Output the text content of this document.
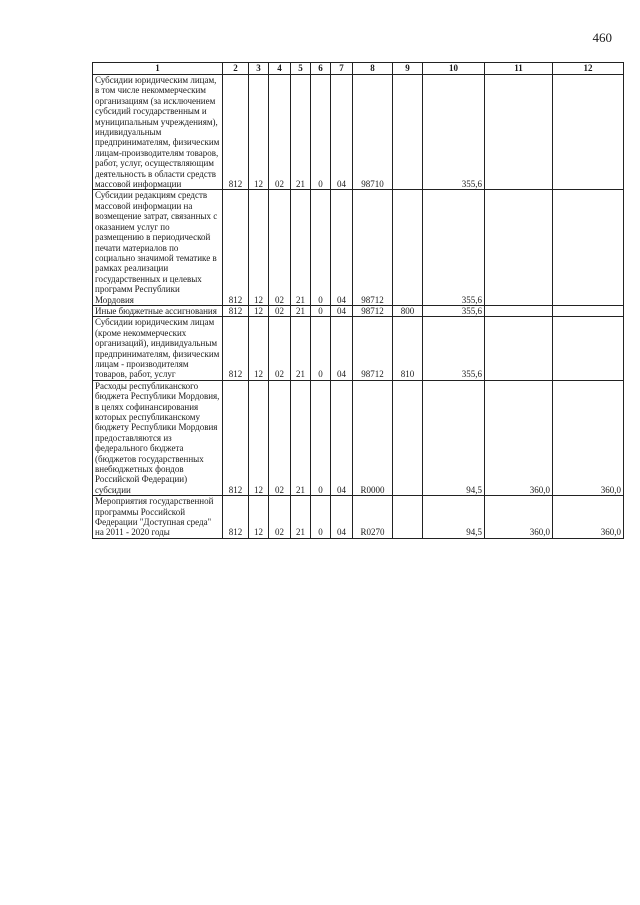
460
1	2	3	4	5	6	7	8	9	10	11	12
Субсидии юридическим лицам, в том числе некоммерческим организациям (за исключением субсидий государственным и муниципальным учреждениям), индивидуальным предпринимателям, физическим лицам-производителям товаров, работ, услуг, осуществляющим деятельность в области средств массовой информации	812	12	02	21	0	04	98710		355,6		
Субсидии редакциям средств массовой информации на возмещение затрат, связанных с оказанием услуг по размещению в периодической печати материалов по социально значимой тематике в рамках реализации государственных и целевых программ Республики Мордовия	812	12	02	21	0	04	98712		355,6		
Иные бюджетные ассигнования	812	12	02	21	0	04	98712	800	355,6		
Субсидии юридическим лицам (кроме некоммерческих организаций), индивидуальным предпринимателям, физическим лицам - производителям товаров, работ, услуг	812	12	02	21	0	04	98712	810	355,6		
Расходы республиканского бюджета Республики Мордовия, в целях софинансирования которых республиканскому бюджету Республики Мордовия предоставляются из федерального бюджета (бюджетов государственных внебюджетных фондов Российской Федерации) субсидии	812	12	02	21	0	04	R0000		94,5	360,0	360,0
Мероприятия государственной программы Российской Федерации "Доступная среда" на 2011 - 2020 годы	812	12	02	21	0	04	R0270		94,5	360,0	360,0
